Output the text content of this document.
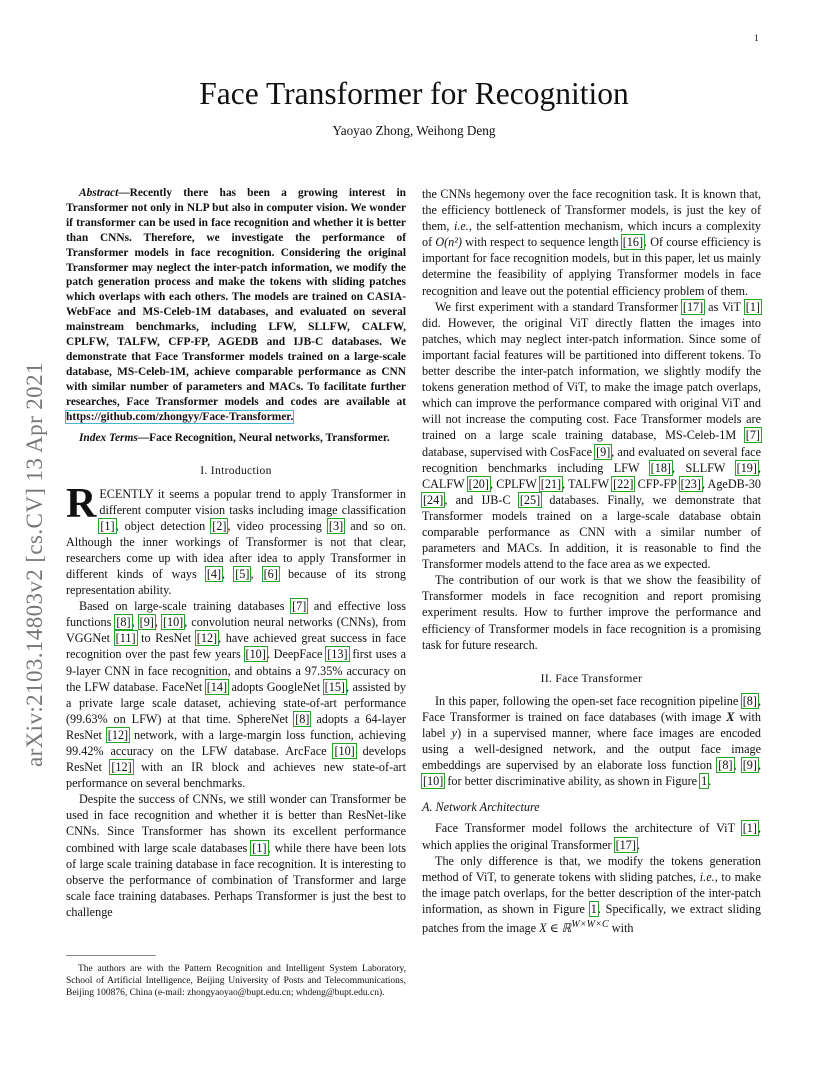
1
arXiv:2103.14803v2 [cs.CV] 13 Apr 2021
Face Transformer for Recognition
Yaoyao Zhong, Weihong Deng

Abstract—Recently there has been a growing interest in Transformer not only in NLP but also in computer vision. We wonder if transformer can be used in face recognition and whether it is better than CNNs. Therefore, we investigate the performance of Transformer models in face recognition. Considering the original Transformer may neglect the inter-patch information, we modify the patch generation process and make the tokens with sliding patches which overlaps with each others. The models are trained on CASIA-WebFace and MS-Celeb-1M databases, and evaluated on several mainstream benchmarks, including LFW, SLLFW, CALFW, CPLFW, TALFW, CFP-FP, AGEDB and IJB-C databases. We demonstrate that Face Transformer models trained on a large-scale database, MS-Celeb-1M, achieve comparable performance as CNN with similar number of parameters and MACs. To facilitate further researches, Face Transformer models and codes are available at https://github.com/zhongyy/Face-Transformer.

Index Terms—Face Recognition, Neural networks, Transformer.

I. Introduction

RECENTLY it seems a popular trend to apply Transformer in different computer vision tasks including image classification [1], object detection [2], video processing [3] and so on. Although the inner workings of Transformer is not that clear, researchers come up with idea after idea to apply Transformer in different kinds of ways [4], [5], [6] because of its strong representation ability.

Based on large-scale training databases [7] and effective loss functions [8], [9], [10], convolution neural networks (CNNs), from VGGNet [11] to ResNet [12], have achieved great success in face recognition over the past few years [10]. DeepFace [13] first uses a 9-layer CNN in face recognition, and obtains a 97.35% accuracy on the LFW database. FaceNet [14] adopts GoogleNet [15], assisted by a private large scale dataset, achieving state-of-art performance (99.63% on LFW) at that time. SphereNet [8] adopts a 64-layer ResNet [12] network, with a large-margin loss function, achieving 99.42% accuracy on the LFW database. ArcFace [10] develops ResNet [12] with an IR block and achieves new state-of-art performance on several benchmarks.

Despite the success of CNNs, we still wonder can Transformer be used in face recognition and whether it is better than ResNet-like CNNs. Since Transformer has shown its excellent performance combined with large scale databases [1], while there have been lots of large scale training database in face recognition. It is interesting to observe the performance of combination of Transformer and large scale face training databases. Perhaps Transformer is just the best to challenge

The authors are with the Pattern Recognition and Intelligent System Laboratory, School of Artificial Intelligence, Beijing University of Posts and Telecommunications, Beijing 100876, China (e-mail: zhongyaoyao@bupt.edu.cn; whdeng@bupt.edu.cn).

the CNNs hegemony over the face recognition task. It is known that, the efficiency bottleneck of Transformer models, is just the key of them, i.e., the self-attention mechanism, which incurs a complexity of O(n²) with respect to sequence length [16]. Of course efficiency is important for face recognition models, but in this paper, let us mainly determine the feasibility of applying Transformer models in face recognition and leave out the potential efficiency problem of them.

We first experiment with a standard Transformer [17] as ViT [1] did. However, the original ViT directly flatten the images into patches, which may neglect inter-patch information. Since some of important facial features will be partitioned into different tokens. To better describe the inter-patch information, we slightly modify the tokens generation method of ViT, to make the image patch overlaps, which can improve the performance compared with original ViT and will not increase the computing cost. Face Transformer models are trained on a large scale training database, MS-Celeb-1M [7] database, supervised with CosFace [9], and evaluated on several face recognition benchmarks including LFW [18], SLLFW [19], CALFW [20], CPLFW [21], TALFW [22] CFP-FP [23], AgeDB-30 [24], and IJB-C [25] databases. Finally, we demonstrate that Transformer models trained on a large-scale database obtain comparable performance as CNN with a similar number of parameters and MACs. In addition, it is reasonable to find the Transformer models attend to the face area as we expected.

The contribution of our work is that we show the feasibility of Transformer models in face recognition and report promising experiment results. How to further improve the performance and efficiency of Transformer models in face recognition is a promising task for future research.

II. Face Transformer

In this paper, following the open-set face recognition pipeline [8], Face Transformer is trained on face databases (with image X with label y) in a supervised manner, where face images are encoded using a well-designed network, and the output face image embeddings are supervised by an elaborate loss function [8], [9], [10] for better discriminative ability, as shown in Figure 1.

A. Network Architecture

Face Transformer model follows the architecture of ViT [1], which applies the original Transformer [17].

The only difference is that, we modify the tokens generation method of ViT, to generate tokens with sliding patches, i.e., to make the image patch overlaps, for the better description of the inter-patch information, as shown in Figure 1. Specifically, we extract sliding patches from the image X ∈ ℝ$^{W\times W\times C}$ with
